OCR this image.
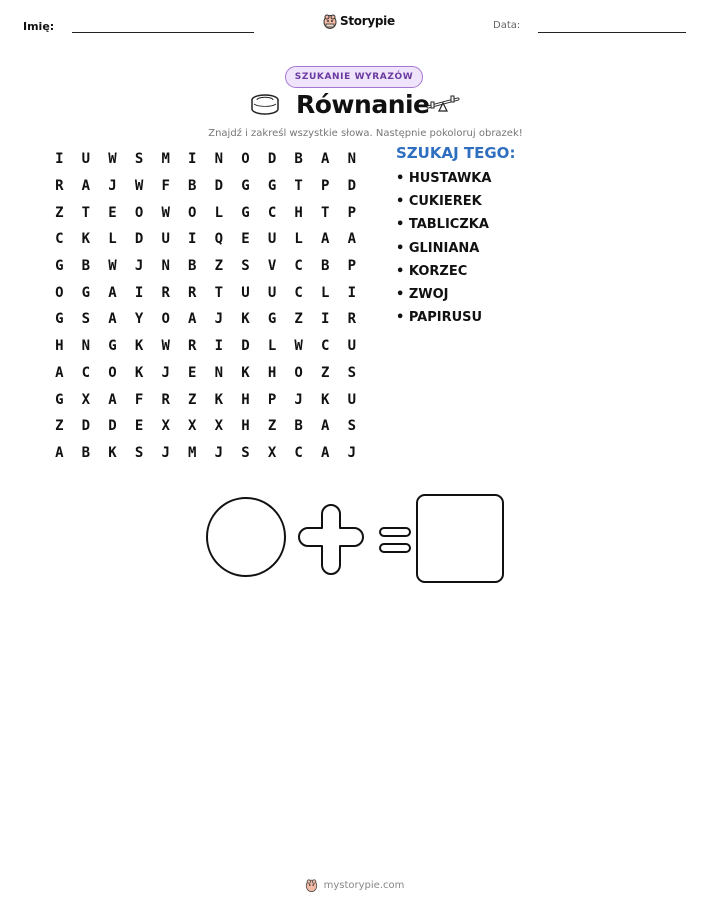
Imię:	Storypie	Data:
SZUKANIE WYRAZÓW
Równanie
Znajdź i zakreśl wszystkie słowa. Następnie pokoloruj obrazek!
I	U	W	S	M	I	N	O	D	B	A	N
R	A	J	W	F	B	D	G	G	T	P	D
Z	T	E	O	W	O	L	G	C	H	T	P
C	K	L	D	U	I	Q	E	U	L	A	A
G	B	W	J	N	B	Z	S	V	C	B	P
O	G	A	I	R	R	T	U	U	C	L	I
G	S	A	Y	O	A	J	K	G	Z	I	R
H	N	G	K	W	R	I	D	L	W	C	U
A	C	O	K	J	E	N	K	H	O	Z	S
G	X	A	F	R	Z	K	H	P	J	K	U
Z	D	D	E	X	X	X	H	Z	B	A	S
A	B	K	S	J	M	J	S	X	C	A	J
SZUKAJ TEGO:
• HUSTAWKA
• CUKIEREK
• TABLICZKA
• GLINIANA
• KORZEC
• ZWOJ
• PAPIRUSU
mystorypie.com
